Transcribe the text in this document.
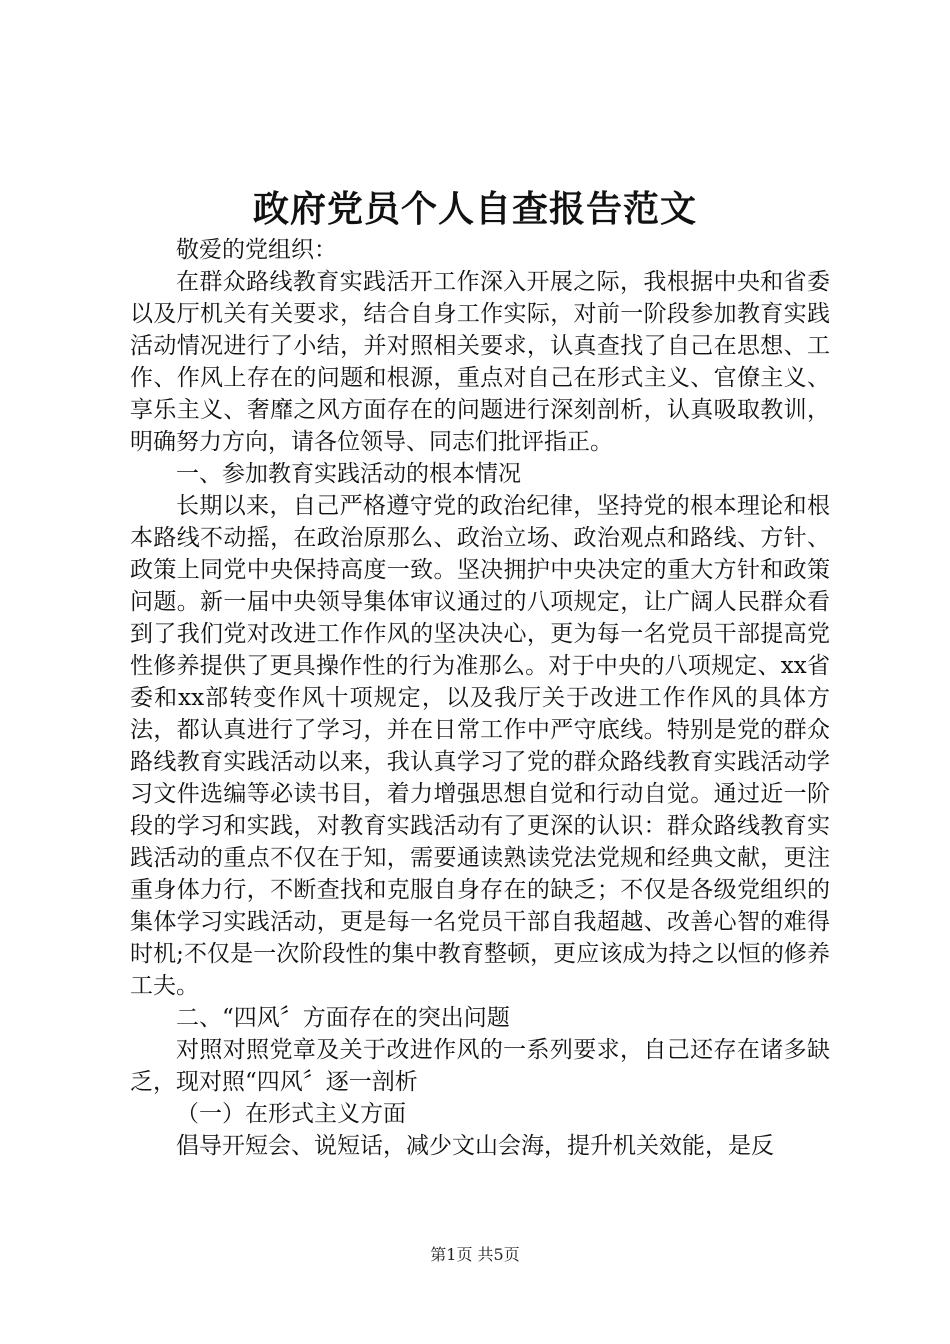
政府党员个人自查报告范文

敬爱的党组织：

在群众路线教育实践活开工作深入开展之际，我根据中央和省委以及厅机关有关要求，结合自身工作实际，对前一阶段参加教育实践活动情况进行了小结，并对照相关要求，认真查找了自己在思想、工作、作风上存在的问题和根源，重点对自己在形式主义、官僚主义、享乐主义、奢靡之风方面存在的问题进行深刻剖析，认真吸取教训，明确努力方向，请各位领导、同志们批评指正。

一、参加教育实践活动的根本情况

长期以来，自己严格遵守党的政治纪律，坚持党的根本理论和根本路线不动摇，在政治原那么、政治立场、政治观点和路线、方针、政策上同党中央保持高度一致。坚决拥护中央决定的重大方针和政策问题。新一届中央领导集体审议通过的八项规定，让广阔人民群众看到了我们党对改进工作作风的坚决决心，更为每一名党员干部提高党性修养提供了更具操作性的行为准那么。对于中央的八项规定、xx省委和xx部转变作风十项规定，以及我厅关于改进工作作风的具体方法，都认真进行了学习，并在日常工作中严守底线。特别是党的群众路线教育实践活动以来，我认真学习了党的群众路线教育实践活动学习文件选编等必读书目，着力增强思想自觉和行动自觉。通过近一阶段的学习和实践，对教育实践活动有了更深的认识：群众路线教育实践活动的重点不仅在于知，需要通读熟读党法党规和经典文献，更注重身体力行，不断查找和克服自身存在的缺乏；不仅是各级党组织的集体学习实践活动，更是每一名党员干部自我超越、改善心智的难得时机;不仅是一次阶段性的集中教育整顿，更应该成为持之以恒的修养工夫。

二、“四风〞方面存在的突出问题

对照对照党章及关于改进作风的一系列要求，自己还存在诸多缺乏，现对照“四风〞逐一剖析

（一）在形式主义方面

倡导开短会、说短话，减少文山会海，提升机关效能，是反

第1页 共5页
